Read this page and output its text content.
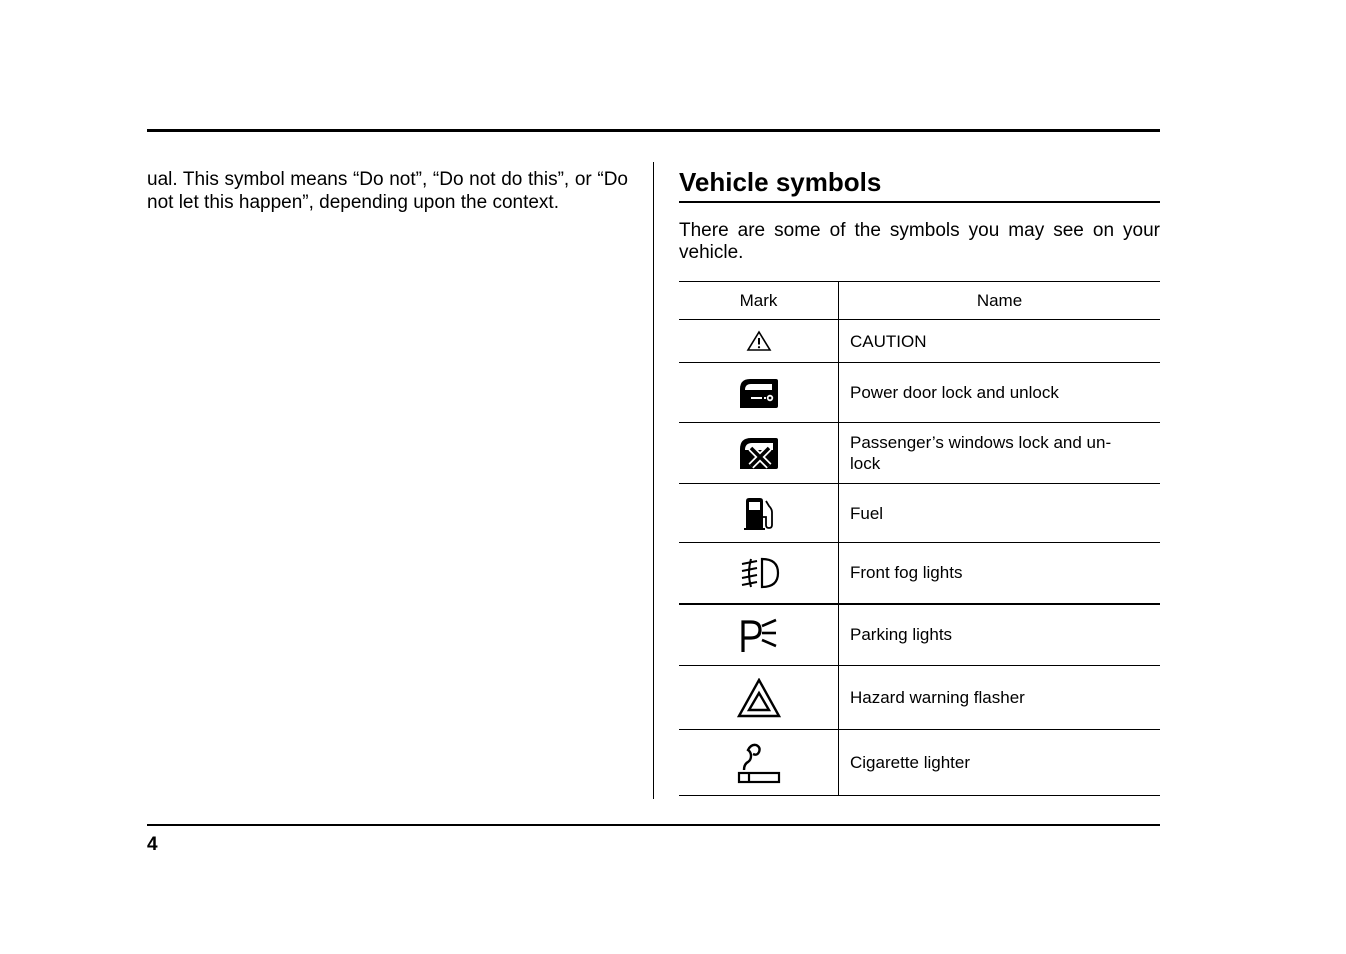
ual. This symbol means “Do not”, “Do not do this”, or “Do not let this happen”, depending upon the context.

Vehicle symbols

There are some of the symbols you may see on your vehicle.

Mark	Name
	CAUTION
	Power door lock and unlock
	Passenger’s windows lock and un-lock
	Fuel
	Front fog lights
	Parking lights
	Hazard warning flasher
	Cigarette lighter

4
